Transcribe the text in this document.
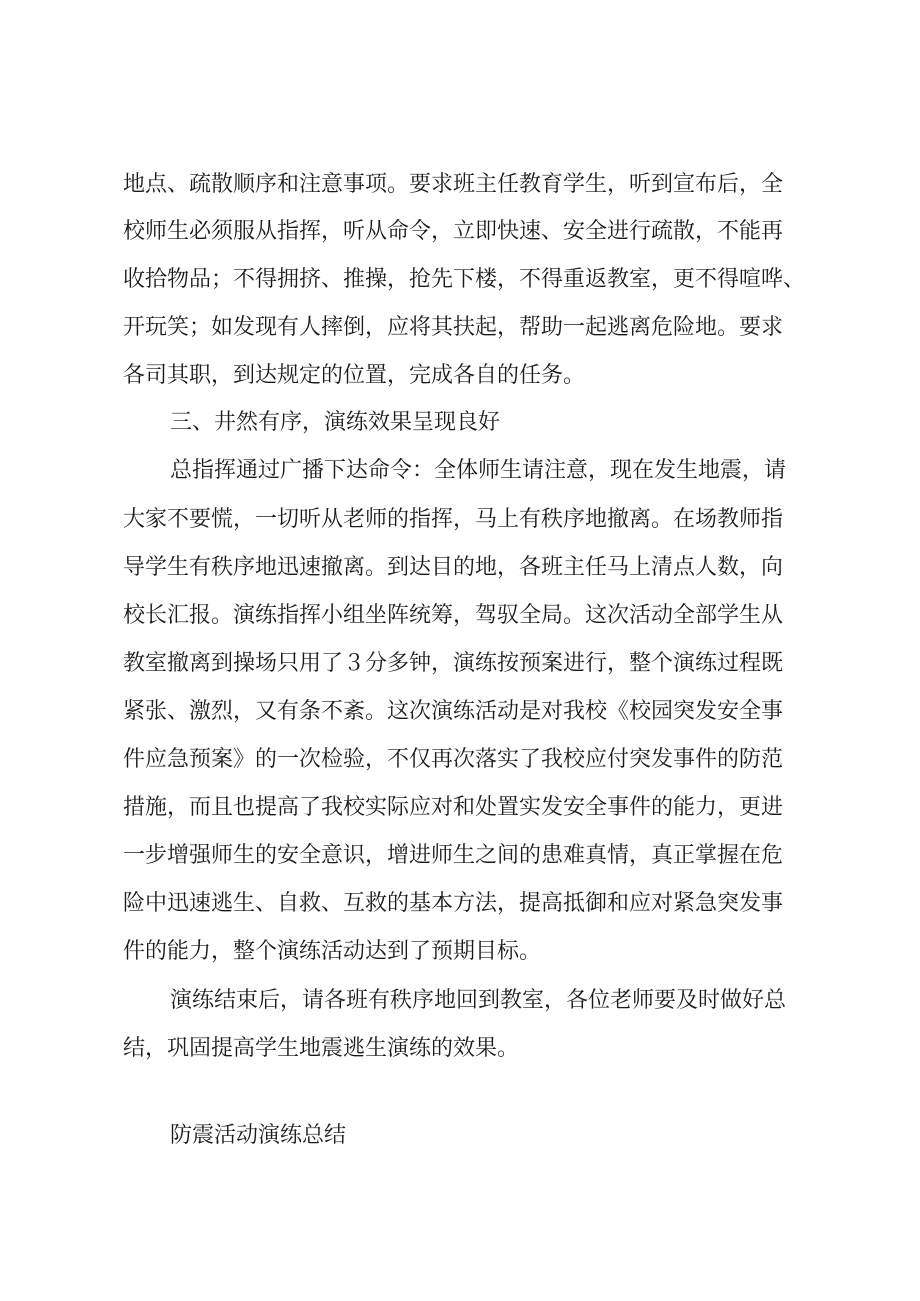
地点、疏散顺序和注意事项。要求班主任教育学生，听到宣布后，全
校师生必须服从指挥，听从命令，立即快速、安全进行疏散，不能再
收拾物品；不得拥挤、推操，抢先下楼，不得重返教室，更不得喧哗、
开玩笑；如发现有人摔倒，应将其扶起，帮助一起逃离危险地。要求
各司其职，到达规定的位置，完成各自的任务。
三、井然有序，演练效果呈现良好
总指挥通过广播下达命令：全体师生请注意，现在发生地震，请
大家不要慌，一切听从老师的指挥，马上有秩序地撤离。在场教师指
导学生有秩序地迅速撤离。到达目的地，各班主任马上清点人数，向
校长汇报。演练指挥小组坐阵统筹，驾驭全局。这次活动全部学生从
教室撤离到操场只用了３分多钟，演练按预案进行，整个演练过程既
紧张、激烈，又有条不紊。这次演练活动是对我校《校园突发安全事
件应急预案》的一次检验，不仅再次落实了我校应付突发事件的防范
措施，而且也提高了我校实际应对和处置实发安全事件的能力，更进
一步增强师生的安全意识，增进师生之间的患难真情，真正掌握在危
险中迅速逃生、自救、互救的基本方法，提高抵御和应对紧急突发事
件的能力，整个演练活动达到了预期目标。
演练结束后，请各班有秩序地回到教室，各位老师要及时做好总
结，巩固提高学生地震逃生演练的效果。
防震活动演练总结
